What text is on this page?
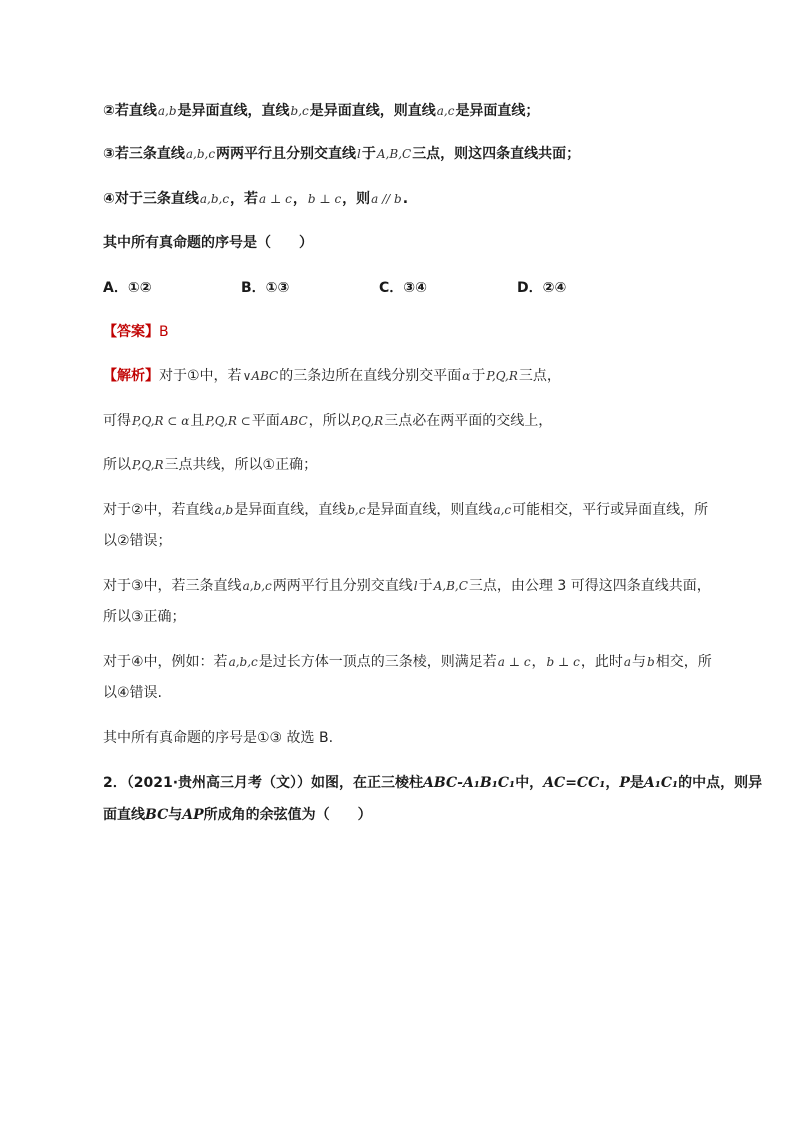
②若直线a,b是异面直线，直线b,c是异面直线，则直线a,c是异面直线；
③若三条直线a,b,c两两平行且分别交直线l于A,B,C三点，则这四条直线共面；
④对于三条直线a,b,c，若a ⊥ c，b ⊥ c，则a // b.
其中所有真命题的序号是（　　）
A．①②	B．①③	C．③④	D．②④
【答案】B
【解析】对于①中，若∨ABC的三条边所在直线分别交平面α于P,Q,R三点，
可得P,Q,R ⊂ α且P,Q,R ⊂平面ABC，所以P,Q,R三点必在两平面的交线上，
所以P,Q,R三点共线，所以①正确；
对于②中，若直线a,b是异面直线，直线b,c是异面直线，则直线a,c可能相交，平行或异面直线，所
以②错误；
对于③中，若三条直线a,b,c两两平行且分别交直线l于A,B,C三点，由公理 3 可得这四条直线共面，
所以③正确；
对于④中，例如：若a,b,c是过长方体一顶点的三条棱，则满足若a ⊥ c，b ⊥ c，此时a与b相交，所
以④错误.
其中所有真命题的序号是①③ 故选 B.
2．（2021·贵州高三月考（文））如图，在正三棱柱ABC-A₁B₁C₁中，AC=CC₁，P是A₁C₁的中点，则异
面直线BC与AP所成角的余弦值为（　　）
